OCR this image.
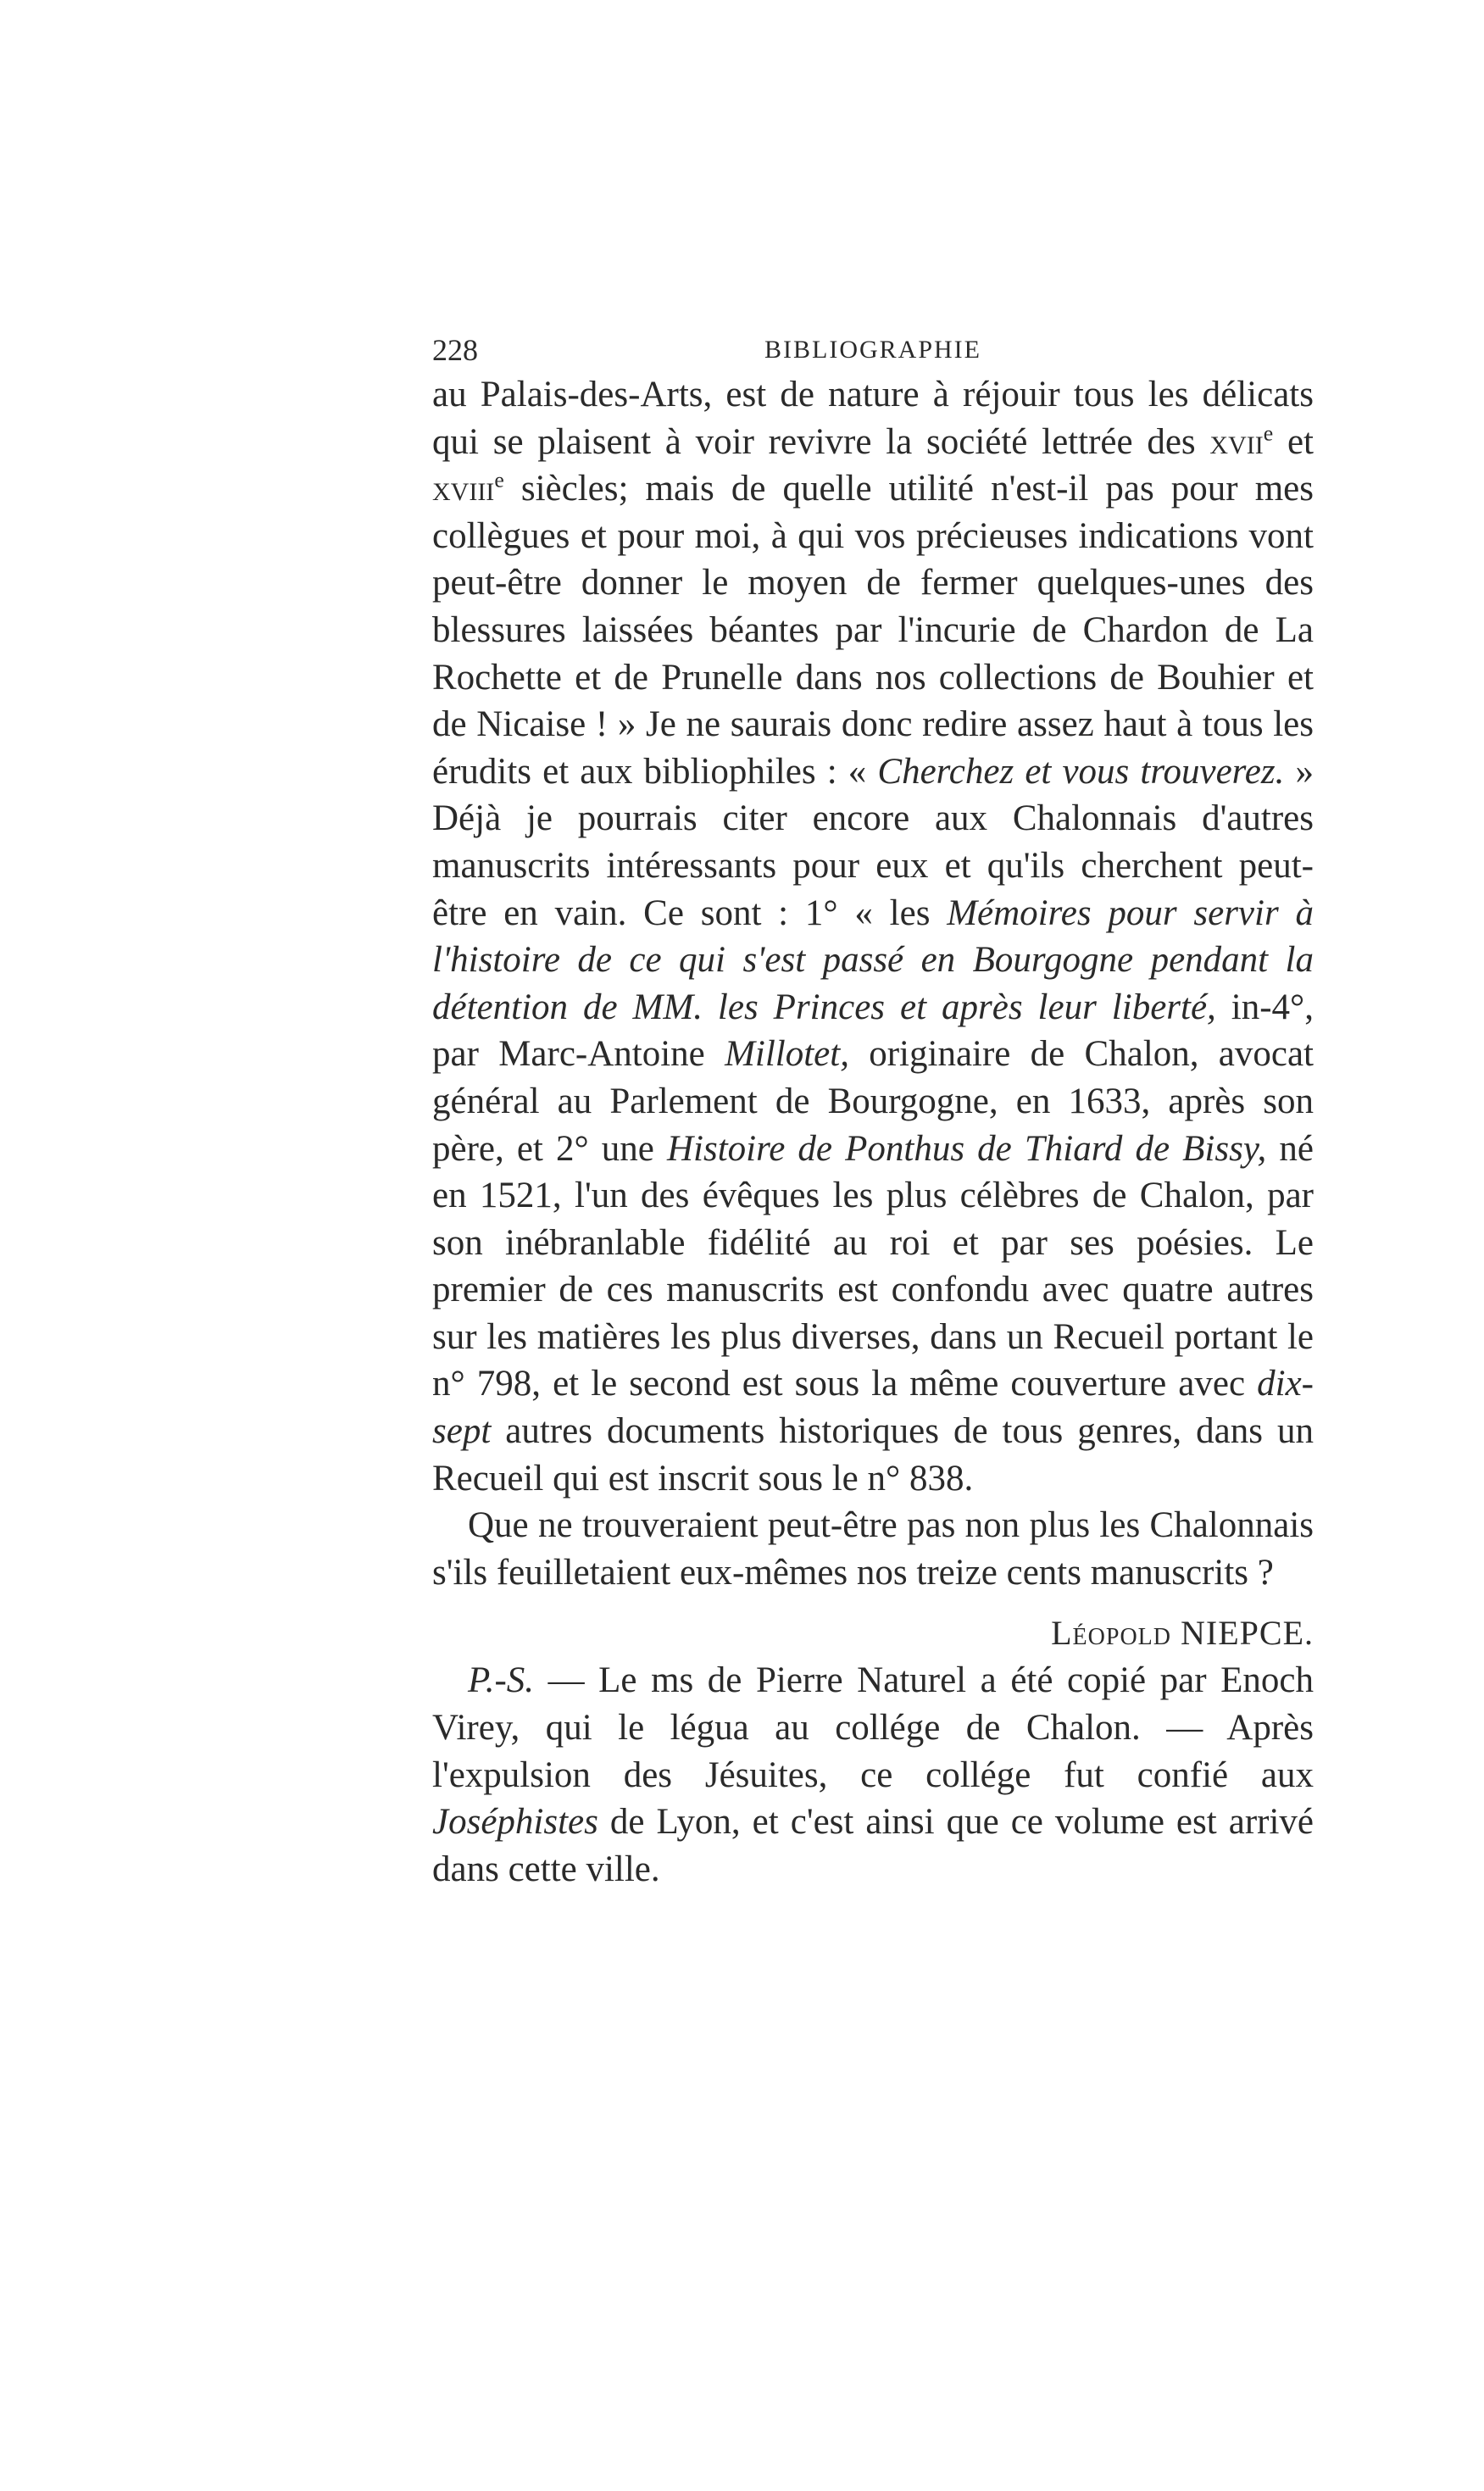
228	BIBLIOGRAPHIE

au Palais-des-Arts, est de nature à réjouir tous les délicats qui se plaisent à voir revivre la société lettrée des xvii$^e$ et xviii$^e$ siècles; mais de quelle utilité n'est-il pas pour mes collègues et pour moi, à qui vos précieuses indications vont peut-être donner le moyen de fermer quelques-unes des blessures laissées béantes par l'incurie de Chardon de La Rochette et de Prunelle dans nos collections de Bouhier et de Nicaise ! » Je ne saurais donc redire assez haut à tous les érudits et aux bibliophiles : « Cherchez et vous trouverez. » Déjà je pourrais citer encore aux Chalonnais d'autres manuscrits intéressants pour eux et qu'ils cherchent peut-être en vain. Ce sont : 1° « les Mémoires pour servir à l'histoire de ce qui s'est passé en Bourgogne pendant la détention de MM. les Princes et après leur liberté, in-4°, par Marc-Antoine Millotet, originaire de Chalon, avocat général au Parlement de Bourgogne, en 1633, après son père, et 2° une Histoire de Ponthus de Thiard de Bissy, né en 1521, l'un des évêques les plus célèbres de Chalon, par son inébranlable fidélité au roi et par ses poésies. Le premier de ces manuscrits est confondu avec quatre autres sur les matières les plus diverses, dans un Recueil portant le n° 798, et le second est sous la même couverture avec dix-sept autres documents historiques de tous genres, dans un Recueil qui est inscrit sous le n° 838.

Que ne trouveraient peut-être pas non plus les Chalonnais s'ils feuilletaient eux-mêmes nos treize cents manuscrits ?

Léopold NIEPCE.

P.-S. — Le ms de Pierre Naturel a été copié par Enoch Virey, qui le légua au collége de Chalon. — Après l'expulsion des Jésuites, ce collége fut confié aux Joséphistes de Lyon, et c'est ainsi que ce volume est arrivé dans cette ville.
